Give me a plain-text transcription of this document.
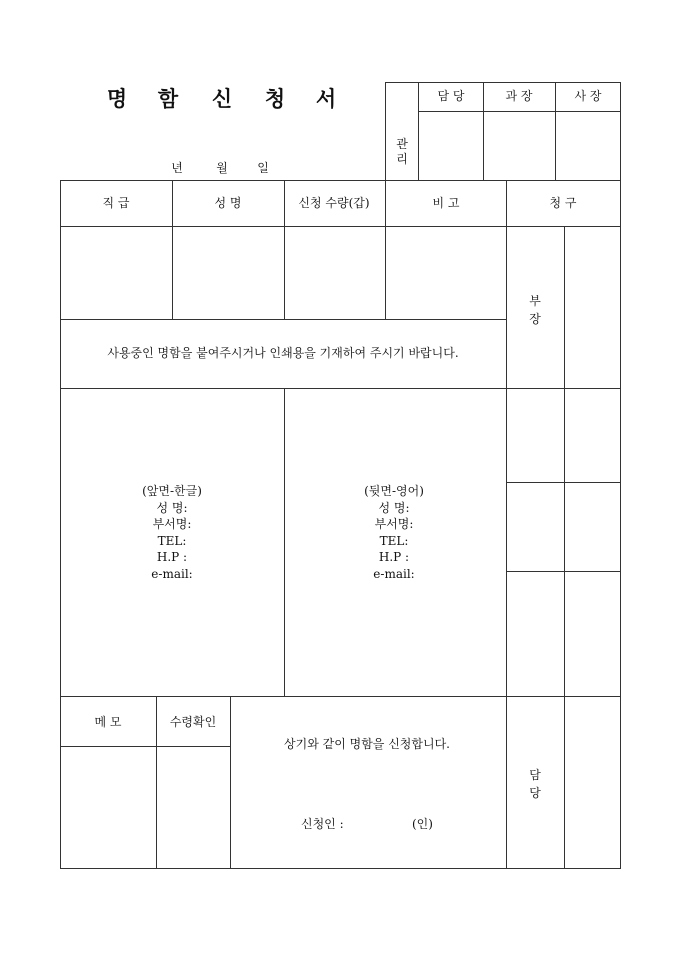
명 함 신 청 서
년	월 일
관
리
담 당	과 장	사 장
직 급	성 명	신청 수량(갑)	비 고	청 구
부
장
담
당
사용중인 명함을 붙여주시거나 인쇄용을 기재하여 주시기 바랍니다.
(앞면-한글)
성 명:
부서명:
TEL:
H.P :
e-mail:
(뒷면-영어)
성 명:
부서명:
TEL:
H.P :
e-mail:
메 모	수령확인
상기와 같이 명함을 신청합니다.
신청인 :	(인)
